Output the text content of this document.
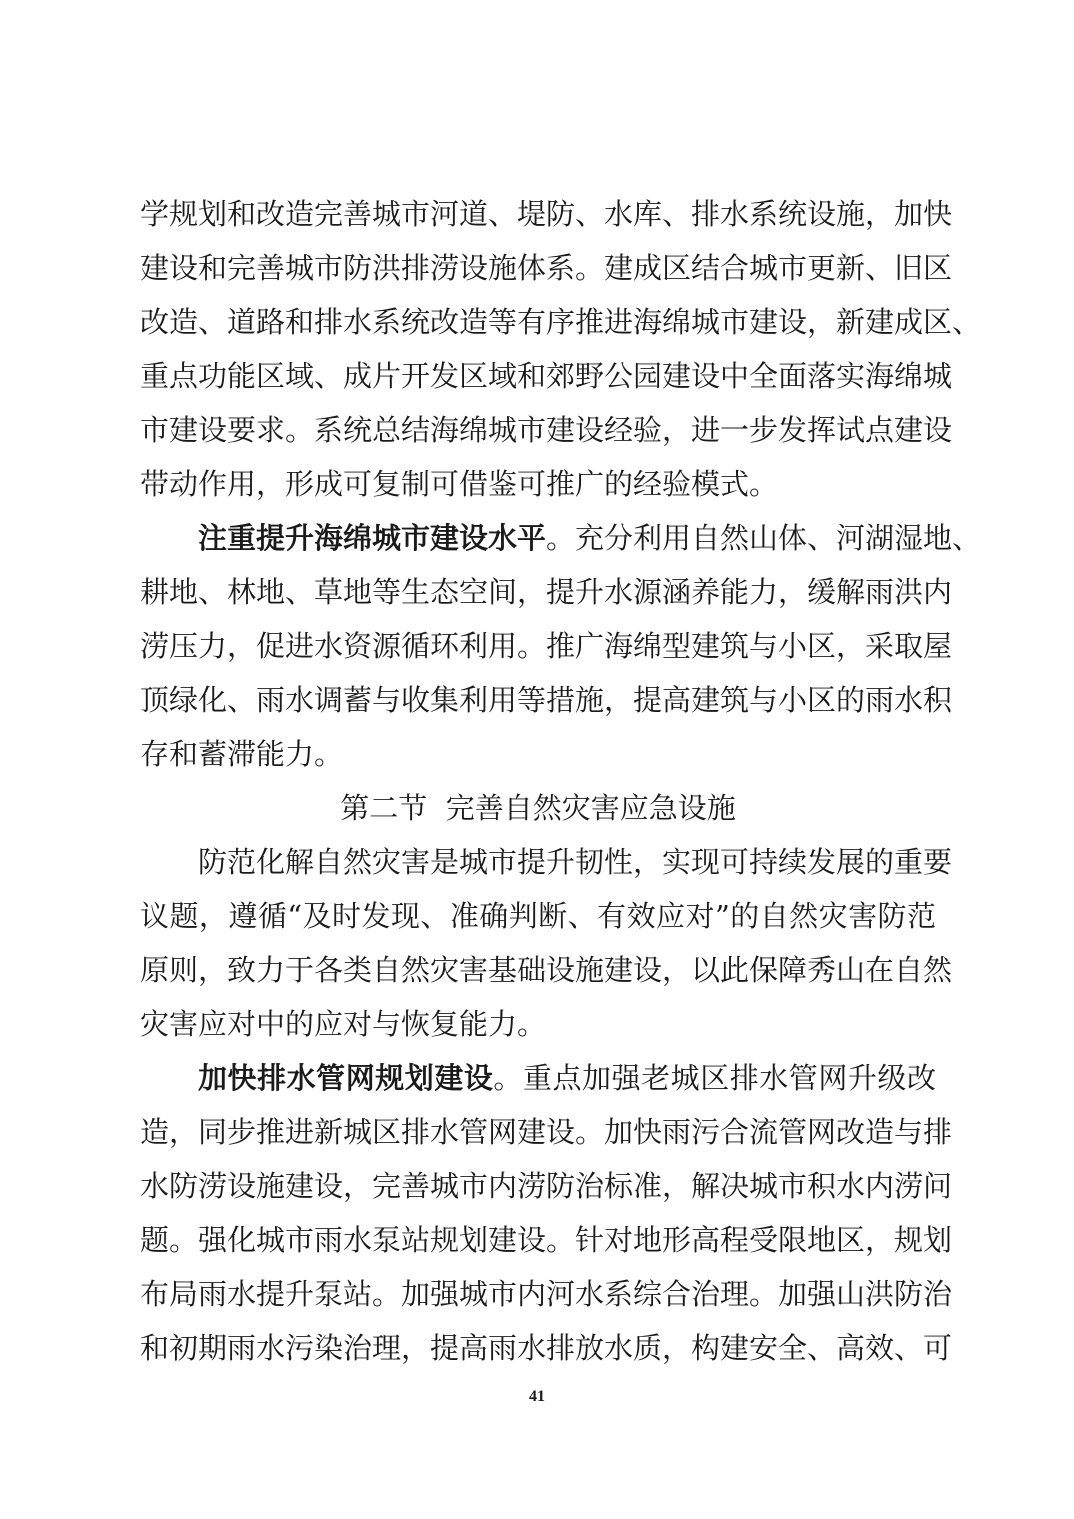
学规划和改造完善城市河道、堤防、水库、排水系统设施，加快
建设和完善城市防洪排涝设施体系。建成区结合城市更新、旧区
改造、道路和排水系统改造等有序推进海绵城市建设，新建成区、
重点功能区域、成片开发区域和郊野公园建设中全面落实海绵城
市建设要求。系统总结海绵城市建设经验，进一步发挥试点建设
带动作用，形成可复制可借鉴可推广的经验模式。
注重提升海绵城市建设水平。充分利用自然山体、河湖湿地、
耕地、林地、草地等生态空间，提升水源涵养能力，缓解雨洪内
涝压力，促进水资源循环利用。推广海绵型建筑与小区，采取屋
顶绿化、雨水调蓄与收集利用等措施，提高建筑与小区的雨水积
存和蓄滞能力。
第二节  完善自然灾害应急设施
防范化解自然灾害是城市提升韧性，实现可持续发展的重要
议题，遵循“及时发现、准确判断、有效应对”的自然灾害防范
原则，致力于各类自然灾害基础设施建设，以此保障秀山在自然
灾害应对中的应对与恢复能力。
加快排水管网规划建设。重点加强老城区排水管网升级改
造，同步推进新城区排水管网建设。加快雨污合流管网改造与排
水防涝设施建设，完善城市内涝防治标准，解决城市积水内涝问
题。强化城市雨水泵站规划建设。针对地形高程受限地区，规划
布局雨水提升泵站。加强城市内河水系综合治理。加强山洪防治
和初期雨水污染治理，提高雨水排放水质，构建安全、高效、可
41
